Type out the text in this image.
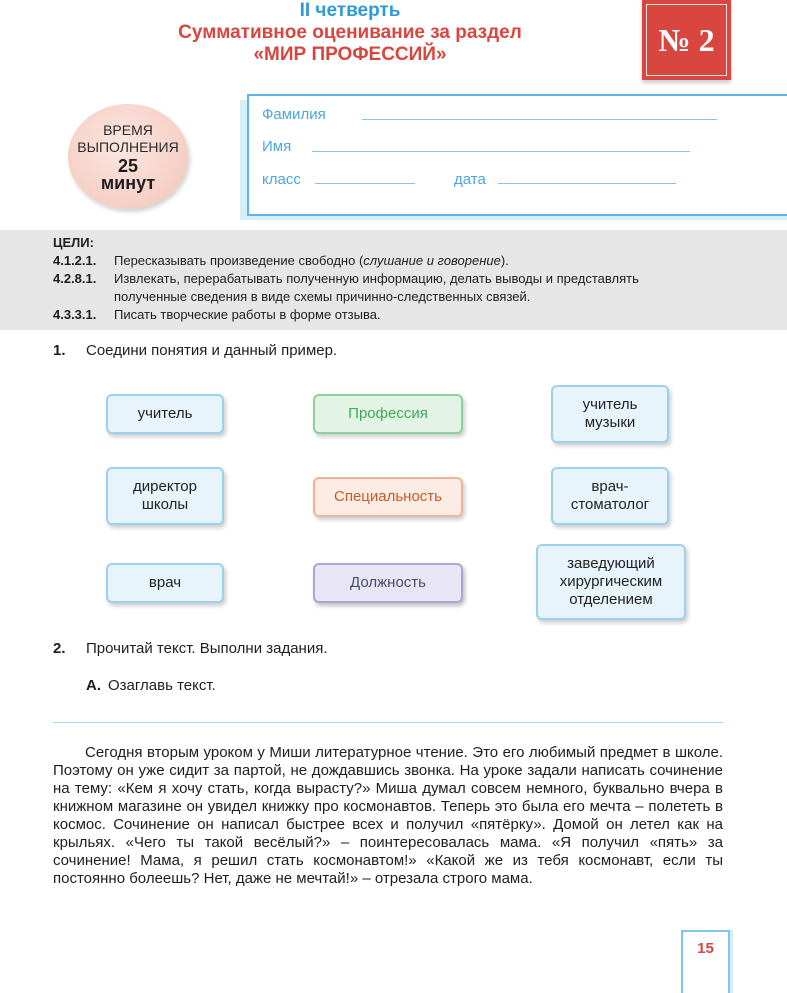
II четверть
Суммативное оценивание за раздел
«МИР ПРОФЕССИЙ»	№ 2
ВРЕМЯ
ВЫПОЛНЕНИЯ
25
минут
Фамилия
Имя
класс	дата
ЦЕЛИ:
4.1.2.1. Пересказывать произведение свободно (слушание и говорение).
4.2.8.1. Извлекать, перерабатывать полученную информацию, делать выводы и представлять
полученные сведения в виде схемы причинно-следственных связей.
4.3.3.1. Писать творческие работы в форме отзыва.
1. Соедини понятия и данный пример.
учитель
директор школы
врач
Профессия
Специальность
Должность
учитель музыки
врач-стоматолог
заведующий хирургическим отделением
2. Прочитай текст. Выполни задания.
A. Озаглавь текст.

Сегодня вторым уроком у Миши литературное чтение. Это его любимый предмет в школе. Поэтому он уже сидит за партой, не дождавшись звонка. На уроке задали написать сочинение на тему: «Кем я хочу стать, когда вырасту?» Миша думал совсем немного, буквально вчера в книжном магазине он увидел книжку про космонавтов. Теперь это была его мечта – полететь в космос. Сочинение он написал быстрее всех и получил «пятёрку». Домой он летел как на крыльях. «Чего ты такой весёлый?» – поинтересовалась мама. «Я получил «пять» за сочинение! Мама, я решил стать космонавтом!» «Какой же из тебя космонавт, если ты постоянно болеешь? Нет, даже не мечтай!» – отрезала строго мама.

15
